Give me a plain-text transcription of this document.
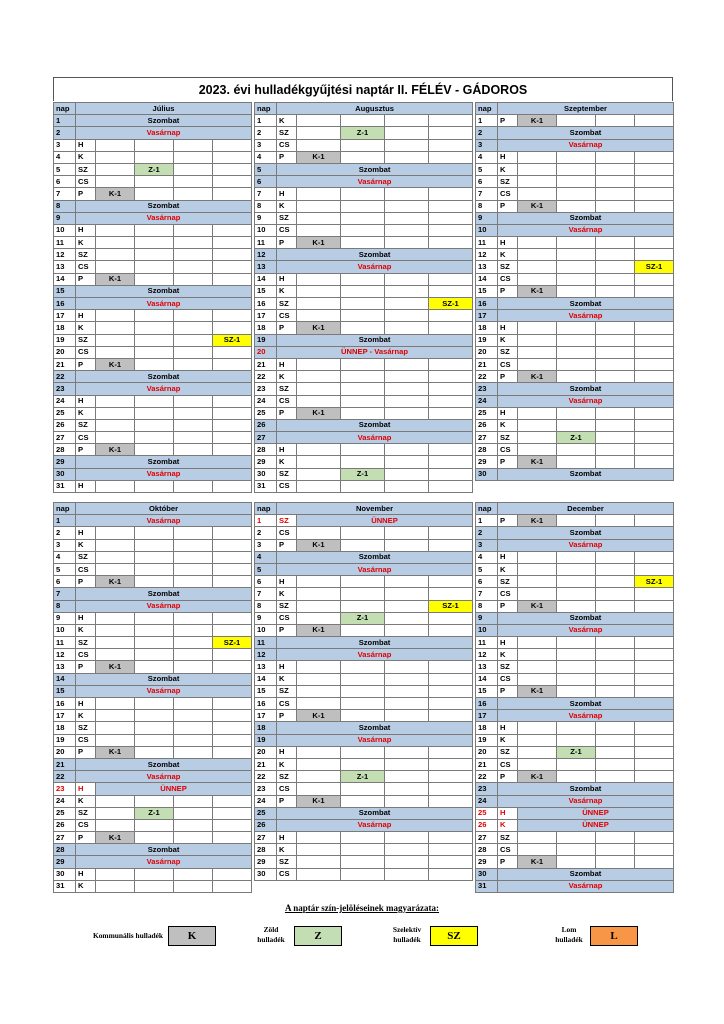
2023. évi hulladékgyűjtési naptár II. FÉLÉV - GÁDOROS
nap	Július				
1	Szombat				
2	Vasárnap				
3	H				
4	K				
5	SZ		Z-1		
6	CS				
7	P	K-1			
8	Szombat				
9	Vasárnap				
10	H				
11	K				
12	SZ				
13	CS				
14	P	K-1			
15	Szombat				
16	Vasárnap				
17	H				
18	K				
19	SZ				SZ-1
20	CS				
21	P	K-1			
22	Szombat				
23	Vasárnap				
24	H				
25	K				
26	SZ				
27	CS				
28	P	K-1			
29	Szombat				
30	Vasárnap				
31	H				
nap	Augusztus				
1	K				
2	SZ		Z-1		
3	CS				
4	P	K-1			
5	Szombat				
6	Vasárnap				
7	H				
8	K				
9	SZ				
10	CS				
11	P	K-1			
12	Szombat				
13	Vasárnap				
14	H				
15	K				
16	SZ				SZ-1
17	CS				
18	P	K-1			
19	Szombat				
20	ÜNNEP - Vasárnap				
21	H				
22	K				
23	SZ				
24	CS				
25	P	K-1			
26	Szombat				
27	Vasárnap				
28	H				
29	K				
30	SZ		Z-1		
31	CS				
nap	Szeptember				
1	P	K-1			
2	Szombat				
3	Vasárnap				
4	H				
5	K				
6	SZ				
7	CS				
8	P	K-1			
9	Szombat				
10	Vasárnap				
11	H				
12	K				
13	SZ				SZ-1
14	CS				
15	P	K-1			
16	Szombat				
17	Vasárnap				
18	H				
19	K				
20	SZ				
21	CS				
22	P	K-1			
23	Szombat				
24	Vasárnap				
25	H				
26	K				
27	SZ		Z-1		
28	CS				
29	P	K-1			
30	Szombat				
nap	Október				
1	Vasárnap				
2	H				
3	K				
4	SZ				
5	CS				
6	P	K-1			
7	Szombat				
8	Vasárnap				
9	H				
10	K				
11	SZ				SZ-1
12	CS				
13	P	K-1			
14	Szombat				
15	Vasárnap				
16	H				
17	K				
18	SZ				
19	CS				
20	P	K-1			
21	Szombat				
22	Vasárnap				
23	H	ÜNNEP			
24	K				
25	SZ		Z-1		
26	CS				
27	P	K-1			
28	Szombat				
29	Vasárnap				
30	H				
31	K				
nap	November				
1	SZ	ÜNNEP			
2	CS				
3	P	K-1			
4	Szombat				
5	Vasárnap				
6	H				
7	K				
8	SZ				SZ-1
9	CS		Z-1		
10	P	K-1			
11	Szombat				
12	Vasárnap				
13	H				
14	K				
15	SZ				
16	CS				
17	P	K-1			
18	Szombat				
19	Vasárnap				
20	H				
21	K				
22	SZ		Z-1		
23	CS				
24	P	K-1			
25	Szombat				
26	Vasárnap				
27	H				
28	K				
29	SZ				
30	CS				
nap	December				
1	P	K-1			
2	Szombat				
3	Vasárnap				
4	H				
5	K				
6	SZ				SZ-1
7	CS				
8	P	K-1			
9	Szombat				
10	Vasárnap				
11	H				
12	K				
13	SZ				
14	CS				
15	P	K-1			
16	Szombat				
17	Vasárnap				
18	H				
19	K				
20	SZ		Z-1		
21	CS				
22	P	K-1			
23	Szombat				
24	Vasárnap				
25	H	ÜNNEP			
26	K	ÜNNEP			
27	SZ				
28	CS				
29	P	K-1			
30	Szombat				
31	Vasárnap				
A naptár szín-jelöléseinek magyarázata:
Kommunális hulladék	K
Zöld hulladék	Z
Szelektív hulladék	SZ
Lom hulladék	L
